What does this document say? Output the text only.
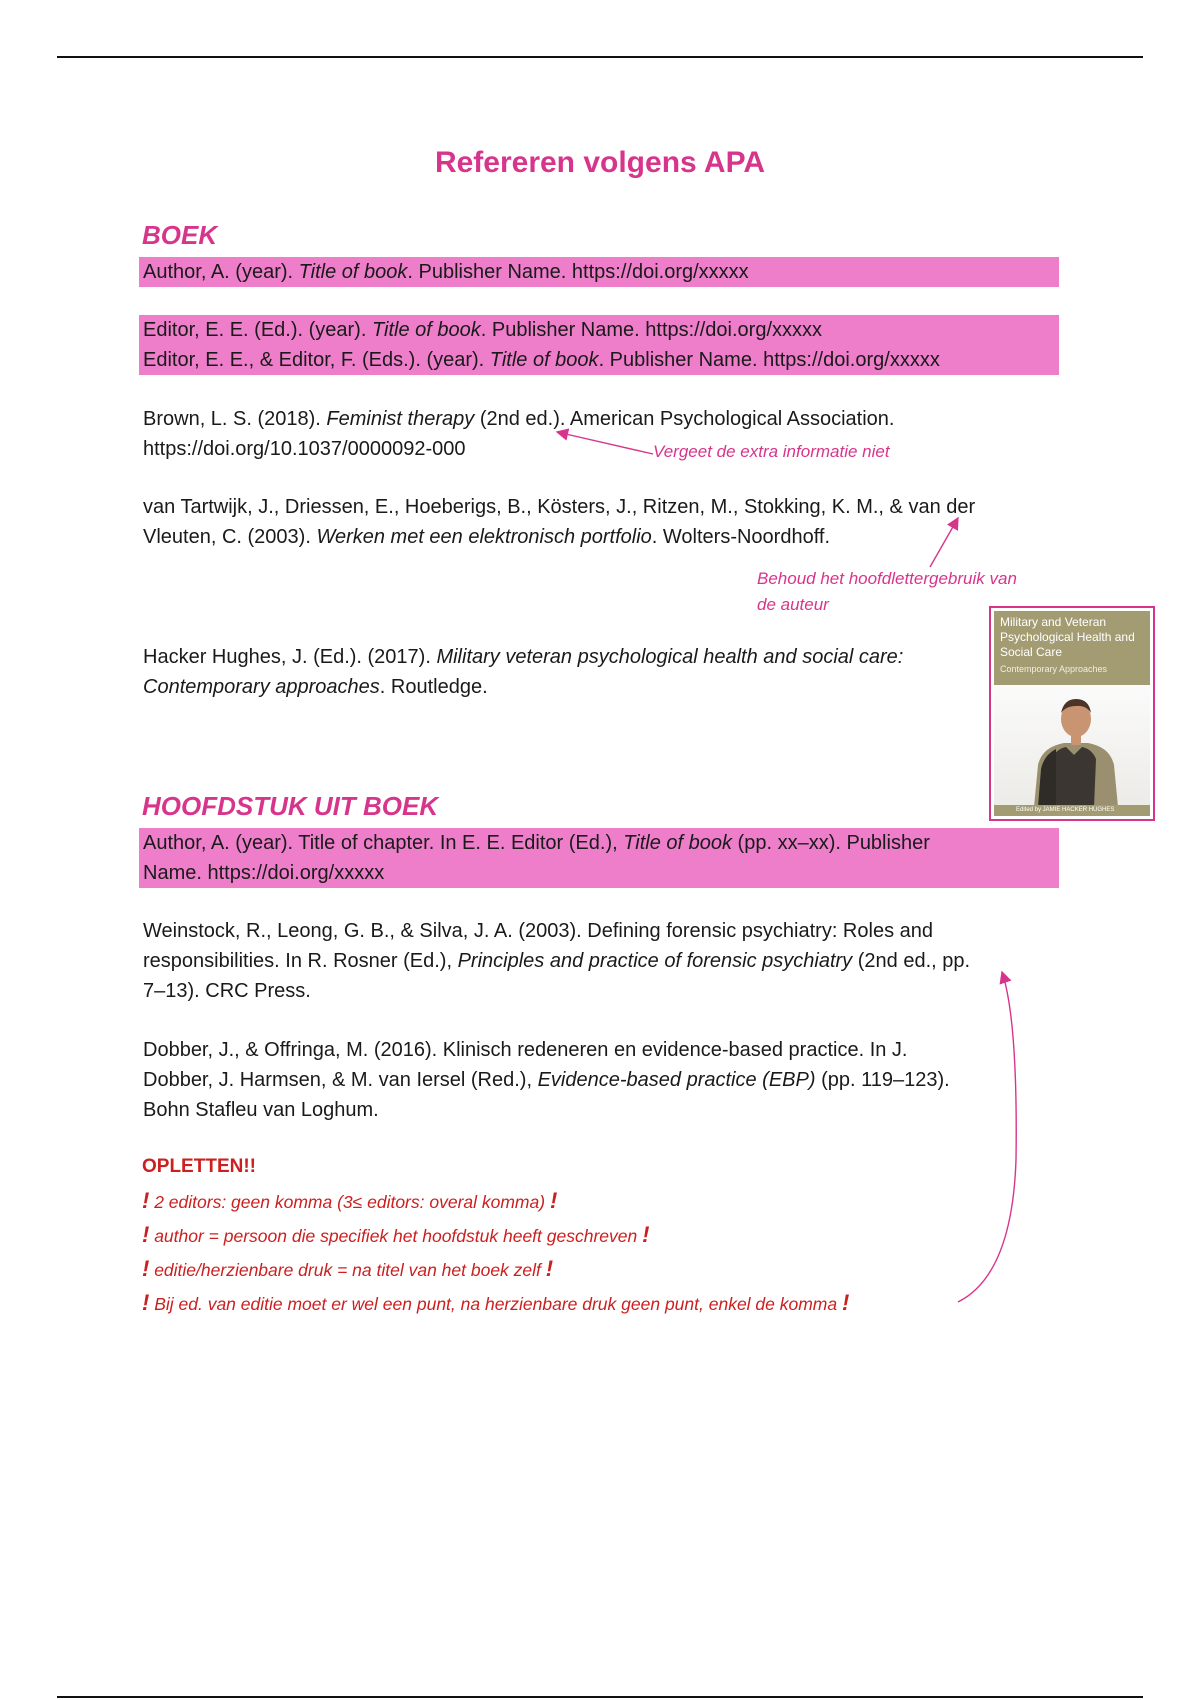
Refereren volgens APA
BOEK
Author, A. (year). Title of book. Publisher Name. https://doi.org/xxxxx
Editor, E. E. (Ed.). (year). Title of book. Publisher Name. https://doi.org/xxxxx
Editor, E. E., & Editor, F. (Eds.). (year). Title of book. Publisher Name. https://doi.org/xxxxx
Brown, L. S. (2018). Feminist therapy (2nd ed.). American Psychological Association.
https://doi.org/10.1037/0000092-000	Vergeet de extra informatie niet
van Tartwijk, J., Driessen, E., Hoeberigs, B., Kösters, J., Ritzen, M., Stokking, K. M., & van der
Vleuten, C. (2003). Werken met een elektronisch portfolio. Wolters-Noordhoff.
Behoud het hoofdlettergebruik van
de auteur
Hacker Hughes, J. (Ed.). (2017). Military veteran psychological health and social care:
Contemporary approaches. Routledge.
Military and Veteran Psychological Health and Social Care
Contemporary Approaches
Edited by JAMIE HACKER HUGHES
HOOFDSTUK UIT BOEK
Author, A. (year). Title of chapter. In E. E. Editor (Ed.), Title of book (pp. xx–xx). Publisher
Name. https://doi.org/xxxxx
Weinstock, R., Leong, G. B., & Silva, J. A. (2003). Defining forensic psychiatry: Roles and
responsibilities. In R. Rosner (Ed.), Principles and practice of forensic psychiatry (2nd ed., pp.
7–13). CRC Press.
Dobber, J., & Offringa, M. (2016). Klinisch redeneren en evidence-based practice. In J.
Dobber, J. Harmsen, & M. van Iersel (Red.), Evidence-based practice (EBP) (pp. 119–123).
Bohn Stafleu van Loghum.
OPLETTEN!!
! 2 editors: geen komma (3≤ editors: overal komma) !
! author = persoon die specifiek het hoofdstuk heeft geschreven !
! editie/herzienbare druk = na titel van het boek zelf !
! Bij ed. van editie moet er wel een punt, na herzienbare druk geen punt, enkel de komma !
